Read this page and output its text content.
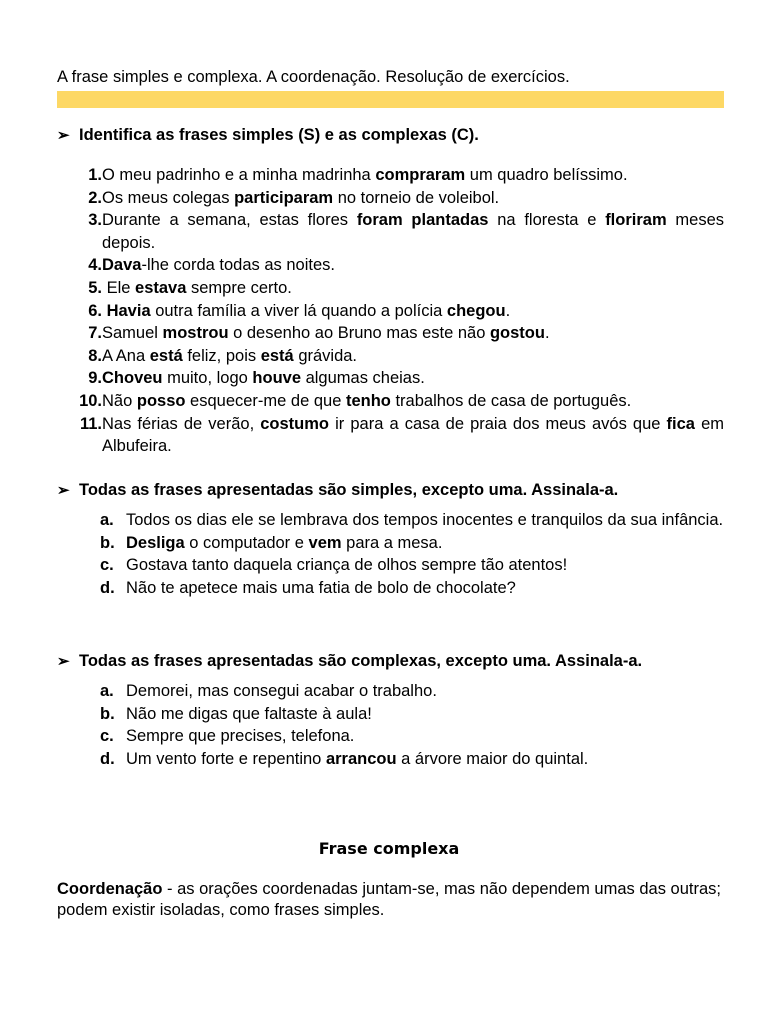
A frase simples e complexa. A coordenação. Resolução de exercícios.
➢ Identifica as frases simples (S) e as complexas (C).
1. O meu padrinho e a minha madrinha compraram um quadro belíssimo.
2. Os meus colegas participaram no torneio de voleibol.
3. Durante a semana, estas flores foram plantadas na floresta e floriram meses depois.
4. Dava-lhe corda todas as noites.
5. Ele estava sempre certo.
6. Havia outra família a viver lá quando a polícia chegou.
7. Samuel mostrou o desenho ao Bruno mas este não gostou.
8. A Ana está feliz, pois está grávida.
9. Choveu muito, logo houve algumas cheias.
10. Não posso esquecer-me de que tenho trabalhos de casa de português.
11. Nas férias de verão, costumo ir para a casa de praia dos meus avós que fica em Albufeira.
➢ Todas as frases apresentadas são simples, excepto uma. Assinala-a.
a. Todos os dias ele se lembrava dos tempos inocentes e tranquilos da sua infância.
b. Desliga o computador e vem para a mesa.
c. Gostava tanto daquela criança de olhos sempre tão atentos!
d. Não te apetece mais uma fatia de bolo de chocolate?
➢ Todas as frases apresentadas são complexas, excepto uma. Assinala-a.
a. Demorei, mas consegui acabar o trabalho.
b. Não me digas que faltaste à aula!
c. Sempre que precises, telefona.
d. Um vento forte e repentino arrancou a árvore maior do quintal.
Frase complexa
Coordenação - as orações coordenadas juntam-se, mas não dependem umas das outras; podem existir isoladas, como frases simples.
